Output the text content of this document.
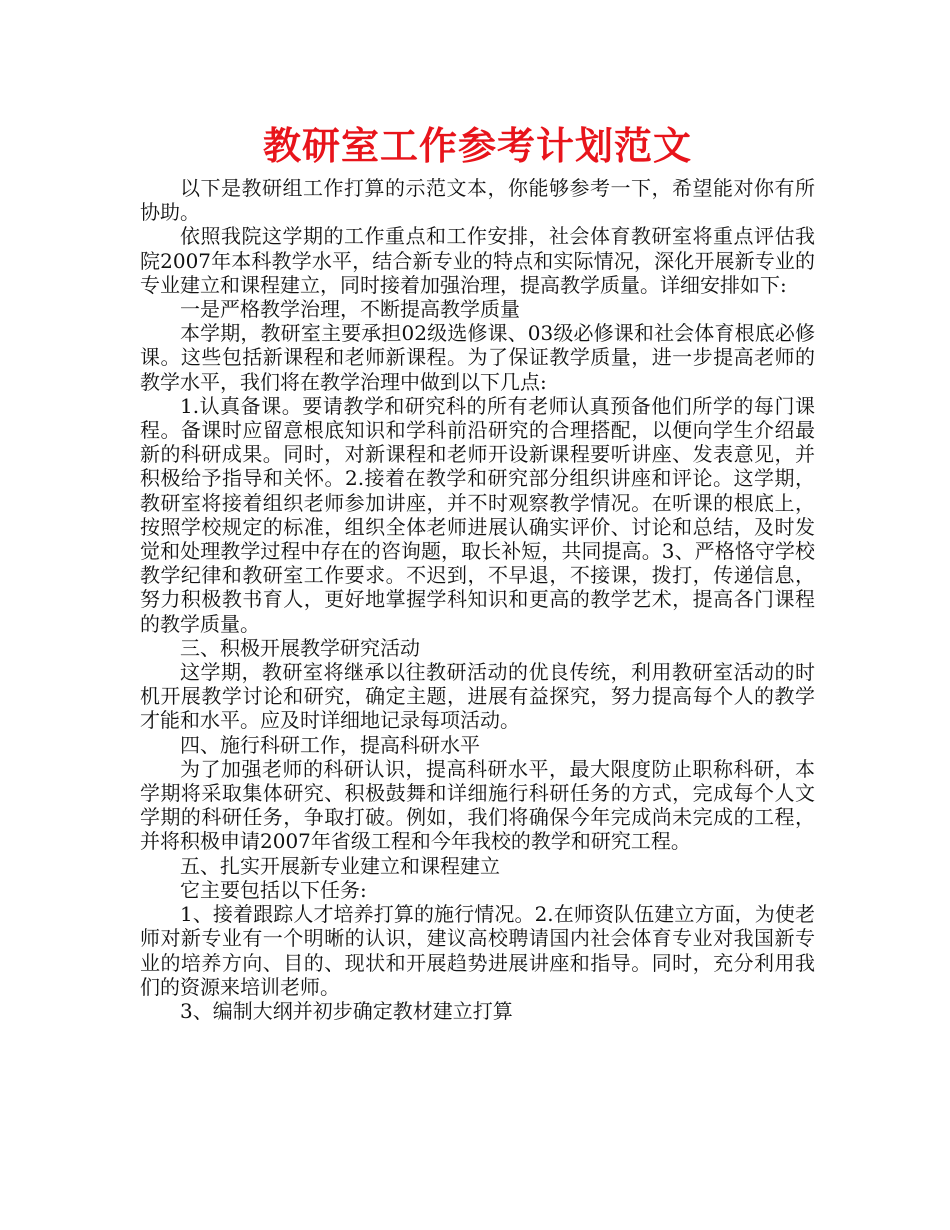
教研室工作参考计划范文

以下是教研组工作打算的示范文本，你能够参考一下，希望能对你有所协助。

依照我院这学期的工作重点和工作安排，社会体育教研室将重点评估我院2007年本科教学水平，结合新专业的特点和实际情况，深化开展新专业的专业建立和课程建立，同时接着加强治理，提高教学质量。详细安排如下:

一是严格教学治理，不断提高教学质量

本学期，教研室主要承担02级选修课、03级必修课和社会体育根底必修课。这些包括新课程和老师新课程。为了保证教学质量，进一步提高老师的教学水平，我们将在教学治理中做到以下几点:

1.认真备课。要请教学和研究科的所有老师认真预备他们所学的每门课程。备课时应留意根底知识和学科前沿研究的合理搭配，以便向学生介绍最新的科研成果。同时，对新课程和老师开设新课程要听讲座、发表意见，并积极给予指导和关怀。2.接着在教学和研究部分组织讲座和评论。这学期，教研室将接着组织老师参加讲座，并不时观察教学情况。在听课的根底上，按照学校规定的标准，组织全体老师进展认确实评价、讨论和总结，及时发觉和处理教学过程中存在的咨询题，取长补短，共同提高。3、严格恪守学校教学纪律和教研室工作要求。不迟到，不早退，不接课，拨打，传递信息，努力积极教书育人，更好地掌握学科知识和更高的教学艺术，提高各门课程的教学质量。

三、积极开展教学研究活动

这学期，教研室将继承以往教研活动的优良传统，利用教研室活动的时机开展教学讨论和研究，确定主题，进展有益探究，努力提高每个人的教学才能和水平。应及时详细地记录每项活动。

四、施行科研工作，提高科研水平

为了加强老师的科研认识，提高科研水平，最大限度防止职称科研，本学期将采取集体研究、积极鼓舞和详细施行科研任务的方式，完成每个人文学期的科研任务，争取打破。例如，我们将确保今年完成尚未完成的工程，并将积极申请2007年省级工程和今年我校的教学和研究工程。

五、扎实开展新专业建立和课程建立

它主要包括以下任务:

1、接着跟踪人才培养打算的施行情况。2.在师资队伍建立方面，为使老师对新专业有一个明晰的认识，建议高校聘请国内社会体育专业对我国新专业的培养方向、目的、现状和开展趋势进展讲座和指导。同时，充分利用我们的资源来培训老师。

3、编制大纲并初步确定教材建立打算
